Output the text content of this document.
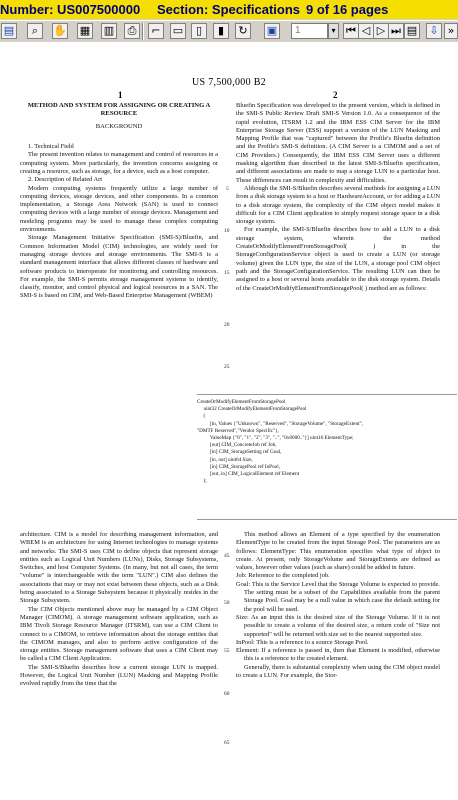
Number: US007500000 Section: Specifications 9 of 16 pages
▤	⌕	✋ ▦ ▥	⎙	⌐	▭	▯	▮	↻	▣	1	▾ ⏮ ◁ ▷ ⏭ ▤	⇩ »
US 7,500,000 B2
1	2
METHOD AND SYSTEM FOR ASSIGNING OR CREATING A RESOURCE
BACKGROUND

1. Technical Field

The present invention relates to management and control of resources in a computing system. More particularly, the invention concerns assigning or creating a resource, such as storage, for a device, such as a host computer.

2. Description of Related Art

Modern computing systems frequently utilize a large number of computing devices, storage devices, and other components. In a common implementation, a Storage Area Network (SAN) is used to connect computing devices with a large number of storage devices. Management and modeling programs may be used to manage these complex computing environments.

Storage Management Initiative Specification (SMI-S)/Bluefin, and Common Information Model (CIM) technologies, are widely used for managing storage devices and storage environments. The SMI-S is a standard management interface that allows different classes of hardware and software products to interoperate for monitoring and controlling resources. For example, the SMI-S permits storage management systems to identify, classify, monitor, and control physical and logical resources in a SAN. The SMI-S is based on CIM, and Web-Based Enterprise Management (WBEM)

Bluefin Specification was developed to the present version, which is defined in the SMI-S Public Review Draft SMI-S Version 1.0. As a consequence of the rapid evolution, ITSRM 1.2 and the IBM ESS CIM Server for the IBM Enterprise Storage Server (ESS) support a version of the LUN Masking and Mapping Profile that was "captured" between the Profile's Bluefin definition and the Profile's SMI-S definition. (A CIM Server is a CIMOM and a set of CIM Providers.) Consequently, the IBM ESS CIM Server uses a different masking algorithm than described in the latest SMI-S/Bluefin specification, and different associations are made to map a storage LUN to a particular host. These differences can result in complexity and difficulties.

Although the SMI-S/Bluefin describes several methods for assigning a LUN from a disk storage system to a host or HardwareAccount, or for adding a LUN to a disk storage system, the complexity of the CIM object model makes it difficult for a CIM Client application to simply request storage space in a disk storage system.

For example, the SMI-S/Bluefin describes how to add a LUN to a disk storage system, wherein the method CreateOrModifyElementFromStoragePool( ) in the StorageConfigurationService object is used to create a LUN (or storage volume) given the LUN type, the size of the LUN, a storage pool CIM object path and the StorageConfigurationService. The resulting LUN can then be assigned to a host or several hosts available to the disk storage system. Details of the CreateOrModifyElementFromStoragePool( ) method are as follows:

CreateOrModifyElementFromStoragePool
uint32 CreateOrModifyElementFromStoragePool
(
[in, Values {"Unknown", "Reserved", "StorageVolume", "StorageExtent",
"DMTF Reserved","Vendor Specific"},
ValueMap {"0", "1", "2", "3", "..", "0x8000.."}] uint16 ElementType;
[out] CIM_ConcreteJob ref Job,
[in] CIM_StorageSetting ref Goal,
[in, out] uint64 Size,
[in] CIM_StoragePool ref InPool,
[out, in] CIM_LogicalElement ref Element
);

architecture. CIM is a model for describing management information, and WBEM is an architecture for using Internet technologies to manage systems and networks. The SMI-S uses CIM to define objects that represent storage entities such as Logical Unit Numbers (LUNs), Disks, Storage Subsystems, Switches, and host Computer Systems. (In many, but not all cases, the term "volume" is interchangeable with the term "LUN".) CIM also defines the associations that may or may not exist between these objects, such as a Disk being associated to a Storage Subsystem because it physically resides in the Storage Subsystem.

The CIM Objects mentioned above may be managed by a CIM Object Manager (CIMOM). A storage management software application, such as IBM Tivoli Storage Resource Manager (ITSRM), can use a CIM Client to connect to a CIMOM, to retrieve information about the storage entities that the CIMOM manages, and also to perform active configuration of the storage entities. Storage management software that uses a CIM Client may be called a CIM Client Application.

The SMI-S/Bluefin describes how a current storage LUN is mapped. However, the Logical Unit Number (LUN) Masking and Mapping Profile evolved rapidly from the time that the

This method allows an Element of a type specified by the enumeration ElementType to be created from the input Storage Pool. The parameters are as follows: ElementType: This enumeration specifies what type of object to create. At present, only StorageVolume and StorageExtents are defined as values, however other values (such as share) could be added in future.

Job: Reference to the completed job.

Goal: This is the Service Level that the Storage Volume is expected to provide. The setting must be a subset of the Capabilities available from the parent Storage Pool. Goal may be a null value in which case the default setting for the pool will be used.

Size: As an input this is the desired size of the Storage Volume. If it is not possible to create a volume of the desired size, a return code of "Size not supported" will be returned with size set to the nearest supported size.

InPool: This is a reference to a source Storage Pool.

Element: If a reference is passed in, then that Element is modified, otherwise this is a reference to the created element.

Generally, there is substantial complexity when using the CIM object model to create a LUN. For example, the Stor-

5
10
15
20
25
45
50
55
60
65
